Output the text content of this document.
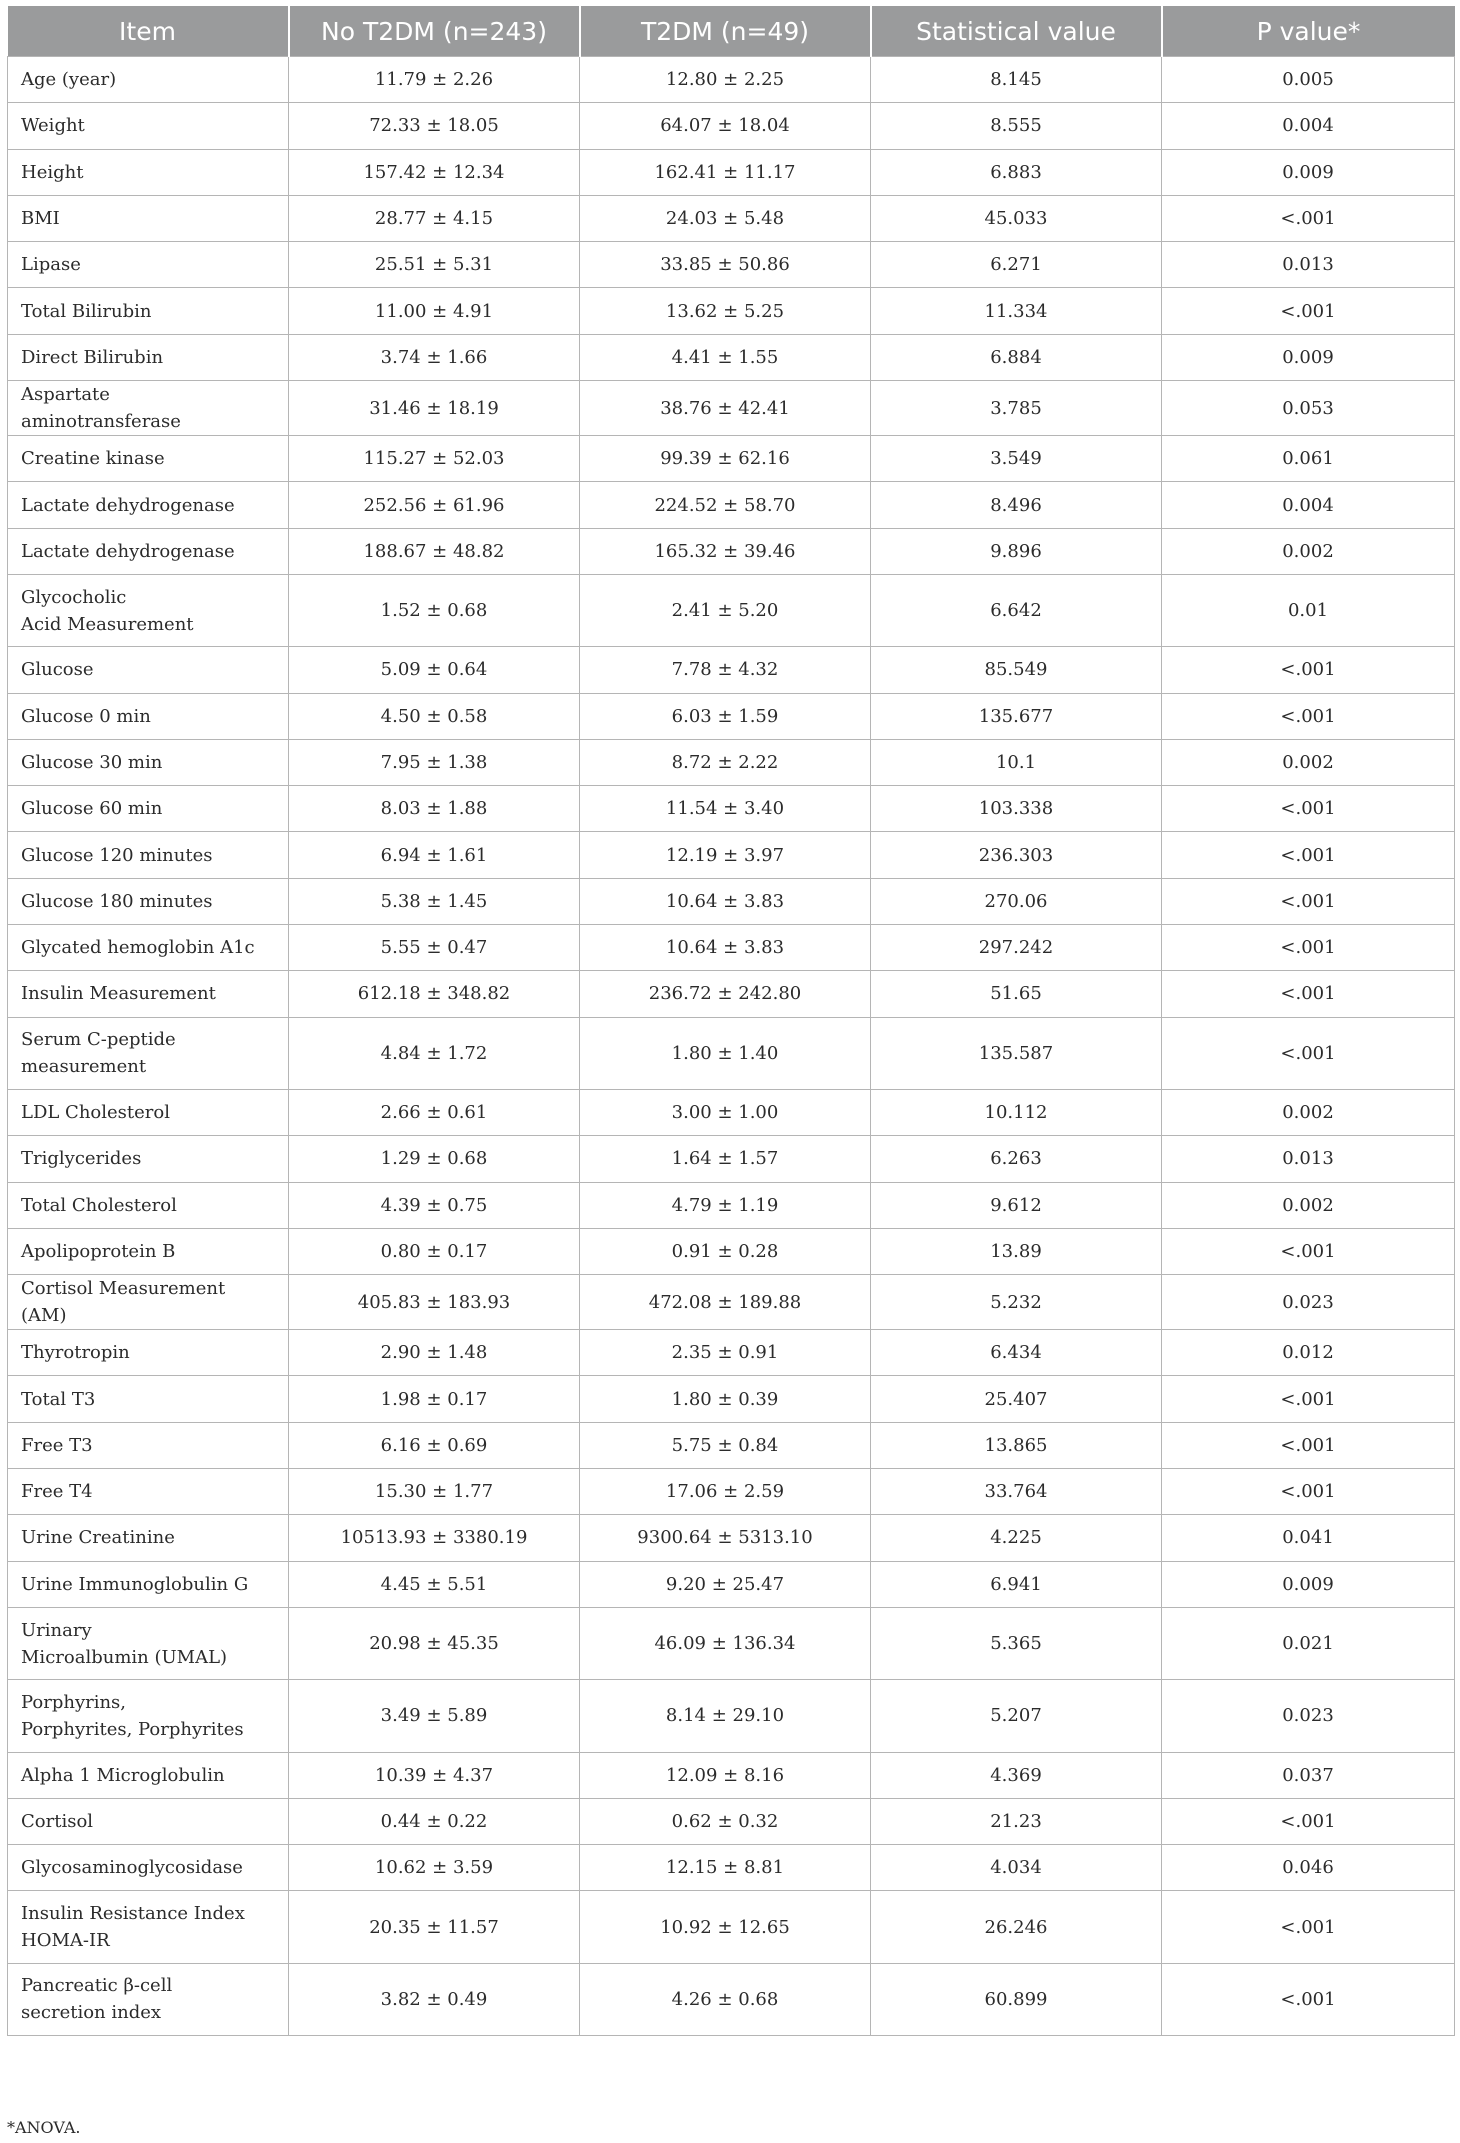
Item	No T2DM (n=243)	T2DM (n=49)	Statistical value	P value*
Age (year)	11.79 ± 2.26	12.80 ± 2.25	8.145	0.005
Weight	72.33 ± 18.05	64.07 ± 18.04	8.555	0.004
Height	157.42 ± 12.34	162.41 ± 11.17	6.883	0.009
BMI	28.77 ± 4.15	24.03 ± 5.48	45.033	<.001
Lipase	25.51 ± 5.31	33.85 ± 50.86	6.271	0.013
Total Bilirubin	11.00 ± 4.91	13.62 ± 5.25	11.334	<.001
Direct Bilirubin	3.74 ± 1.66	4.41 ± 1.55	6.884	0.009
Aspartate aminotransferase	31.46 ± 18.19	38.76 ± 42.41	3.785	0.053
Creatine kinase	115.27 ± 52.03	99.39 ± 62.16	3.549	0.061
Lactate dehydrogenase	252.56 ± 61.96	224.52 ± 58.70	8.496	0.004
Lactate dehydrogenase	188.67 ± 48.82	165.32 ± 39.46	9.896	0.002
Glycocholic
Acid Measurement	1.52 ± 0.68	2.41 ± 5.20	6.642	0.01
Glucose	5.09 ± 0.64	7.78 ± 4.32	85.549	<.001
Glucose 0 min	4.50 ± 0.58	6.03 ± 1.59	135.677	<.001
Glucose 30 min	7.95 ± 1.38	8.72 ± 2.22	10.1	0.002
Glucose 60 min	8.03 ± 1.88	11.54 ± 3.40	103.338	<.001
Glucose 120 minutes	6.94 ± 1.61	12.19 ± 3.97	236.303	<.001
Glucose 180 minutes	5.38 ± 1.45	10.64 ± 3.83	270.06	<.001
Glycated hemoglobin A1c	5.55 ± 0.47	10.64 ± 3.83	297.242	<.001
Insulin Measurement	612.18 ± 348.82	236.72 ± 242.80	51.65	<.001
Serum C-peptide
measurement	4.84 ± 1.72	1.80 ± 1.40	135.587	<.001
LDL Cholesterol	2.66 ± 0.61	3.00 ± 1.00	10.112	0.002
Triglycerides	1.29 ± 0.68	1.64 ± 1.57	6.263	0.013
Total Cholesterol	4.39 ± 0.75	4.79 ± 1.19	9.612	0.002
Apolipoprotein B	0.80 ± 0.17	0.91 ± 0.28	13.89	<.001
Cortisol Measurement (AM)	405.83 ± 183.93	472.08 ± 189.88	5.232	0.023
Thyrotropin	2.90 ± 1.48	2.35 ± 0.91	6.434	0.012
Total T3	1.98 ± 0.17	1.80 ± 0.39	25.407	<.001
Free T3	6.16 ± 0.69	5.75 ± 0.84	13.865	<.001
Free T4	15.30 ± 1.77	17.06 ± 2.59	33.764	<.001
Urine Creatinine	10513.93 ± 3380.19	9300.64 ± 5313.10	4.225	0.041
Urine Immunoglobulin G	4.45 ± 5.51	9.20 ± 25.47	6.941	0.009
Urinary
Microalbumin (UMAL)	20.98 ± 45.35	46.09 ± 136.34	5.365	0.021
Porphyrins,
Porphyrites, Porphyrites	3.49 ± 5.89	8.14 ± 29.10	5.207	0.023
Alpha 1 Microglobulin	10.39 ± 4.37	12.09 ± 8.16	4.369	0.037
Cortisol	0.44 ± 0.22	0.62 ± 0.32	21.23	<.001
Glycosaminoglycosidase	10.62 ± 3.59	12.15 ± 8.81	4.034	0.046
Insulin Resistance Index
HOMA-IR	20.35 ± 11.57	10.92 ± 12.65	26.246	<.001
Pancreatic β-cell
secretion index	3.82 ± 0.49	4.26 ± 0.68	60.899	<.001
*ANOVA.
